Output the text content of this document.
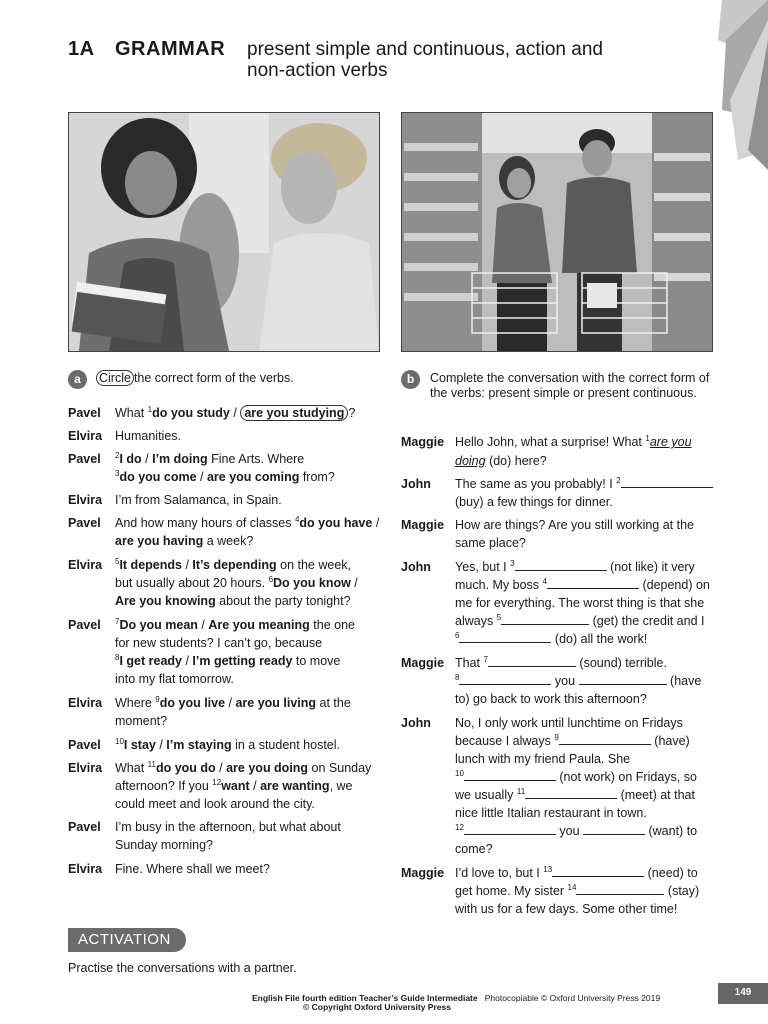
1A GRAMMAR present simple and continuous, action and
non-action verbs
a	Circle the correct form of the verbs.	b	Complete the conversation with the correct form of the verbs: present simple or present continuous.
Pavel What $^1$do you study / are you studying ?
Elvira Humanities.
Pavel $^2$I do / I’m doing Fine Arts. Where
$^3$do you come / are you coming from?
Elvira I’m from Salamanca, in Spain.
Pavel And how many hours of classes $^4$do you have /
are you having a week?
Elvira $^5$It depends / It’s depending on the week,
but usually about 20 hours. $^6$Do you know /
Are you knowing about the party tonight?
Pavel $^7$Do you mean / Are you meaning the one
for new students? I can’t go, because
$^8$I get ready / I’m getting ready to move
into my flat tomorrow.
Elvira Where $^9$do you live / are you living at the
moment?
Pavel $^{10}$I stay / I’m staying in a student hostel.
Elvira What $^{11}$do you do / are you doing on Sunday
afternoon? If you $^{12}$want / are wanting, we
could meet and look around the city.
Pavel I’m busy in the afternoon, but what about
Sunday morning?
Elvira Fine. Where shall we meet?
Maggie Hello John, what a surprise! What $^1$are you
doing (do) here?
John The same as you probably! I $^2$
(buy) a few things for dinner.
Maggie How are things? Are you still working at the
same place?
John Yes, but I $^3$	(not like) it very
much. My boss $^4$	(depend) on
me for everything. The worst thing is that she
always $^5$	(get) the credit and I
$^6$	(do) all the work!
Maggie That $^7$	(sound) terrible.
$^8$	you	(have
to) go back to work this afternoon?
John No, I only work until lunchtime on Fridays
because I always $^9$	(have)
lunch with my friend Paula. She
$^{10}$	(not work) on Fridays, so
we usually $^{11}$	(meet) at that
nice little Italian restaurant in town.
$^{12}$	you	(want) to
come?
Maggie I’d love to, but I $^{13}$	(need) to
get home. My sister $^{14}$	(stay)
with us for a few days. Some other time!
ACTIVATION
Practise the conversations with a partner.
English File fourth edition Teacher’s Guide Intermediate Photocopiable © Oxford University Press 2019
© Copyright Oxford University Press
149
